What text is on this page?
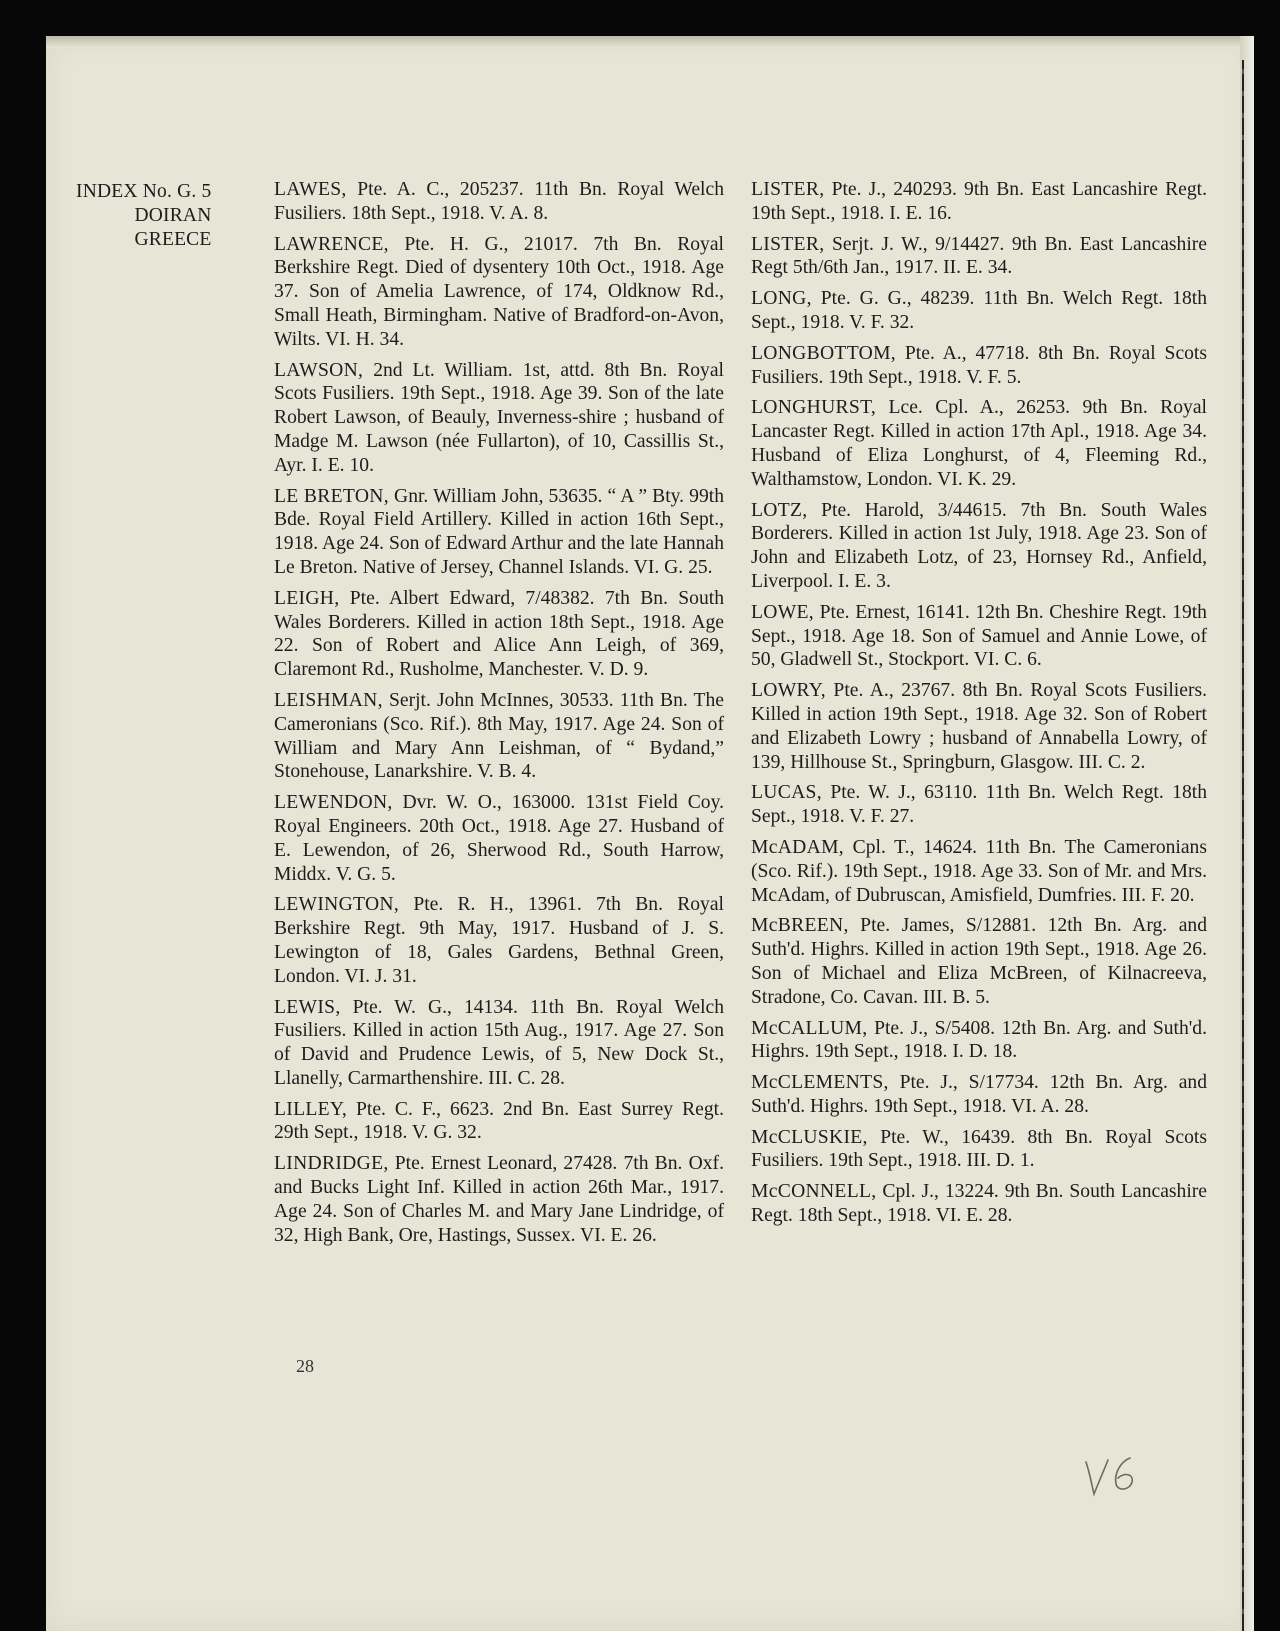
INDEX No. G. 5
DOIRAN
GREECE

LAWES, Pte. A. C., 205237. 11th Bn. Royal Welch Fusiliers. 18th Sept., 1918. V. A. 8.

LAWRENCE, Pte. H. G., 21017. 7th Bn. Royal Berkshire Regt. Died of dysentery 10th Oct., 1918. Age 37. Son of Amelia Lawrence, of 174, Oldknow Rd., Small Heath, Birmingham. Native of Bradford-on-Avon, Wilts. VI. H. 34.

LAWSON, 2nd Lt. William. 1st, attd. 8th Bn. Royal Scots Fusiliers. 19th Sept., 1918. Age 39. Son of the late Robert Lawson, of Beauly, Inverness-shire ; husband of Madge M. Lawson (née Fullarton), of 10, Cassillis St., Ayr. I. E. 10.

LE BRETON, Gnr. William John, 53635. “ A ” Bty. 99th Bde. Royal Field Artillery. Killed in action 16th Sept., 1918. Age 24. Son of Edward Arthur and the late Hannah Le Breton. Native of Jersey, Channel Islands. VI. G. 25.

LEIGH, Pte. Albert Edward, 7/48382. 7th Bn. South Wales Borderers. Killed in action 18th Sept., 1918. Age 22. Son of Robert and Alice Ann Leigh, of 369, Claremont Rd., Rusholme, Manchester. V. D. 9.

LEISHMAN, Serjt. John McInnes, 30533. 11th Bn. The Cameronians (Sco. Rif.). 8th May, 1917. Age 24. Son of William and Mary Ann Leishman, of “ Bydand,” Stonehouse, Lanarkshire. V. B. 4.

LEWENDON, Dvr. W. O., 163000. 131st Field Coy. Royal Engineers. 20th Oct., 1918. Age 27. Husband of E. Lewendon, of 26, Sherwood Rd., South Harrow, Middx. V. G. 5.

LEWINGTON, Pte. R. H., 13961. 7th Bn. Royal Berkshire Regt. 9th May, 1917. Husband of J. S. Lewington of 18, Gales Gardens, Bethnal Green, London. VI. J. 31.

LEWIS, Pte. W. G., 14134. 11th Bn. Royal Welch Fusiliers. Killed in action 15th Aug., 1917. Age 27. Son of David and Prudence Lewis, of 5, New Dock St., Llanelly, Carmarthenshire. III. C. 28.

LILLEY, Pte. C. F., 6623. 2nd Bn. East Surrey Regt. 29th Sept., 1918. V. G. 32.

LINDRIDGE, Pte. Ernest Leonard, 27428. 7th Bn. Oxf. and Bucks Light Inf. Killed in action 26th Mar., 1917. Age 24. Son of Charles M. and Mary Jane Lindridge, of 32, High Bank, Ore, Hastings, Sussex. VI. E. 26.

LISTER, Pte. J., 240293. 9th Bn. East Lancashire Regt. 19th Sept., 1918. I. E. 16.

LISTER, Serjt. J. W., 9/14427. 9th Bn. East Lancashire Regt 5th/6th Jan., 1917. II. E. 34.

LONG, Pte. G. G., 48239. 11th Bn. Welch Regt. 18th Sept., 1918. V. F. 32.

LONGBOTTOM, Pte. A., 47718. 8th Bn. Royal Scots Fusiliers. 19th Sept., 1918. V. F. 5.

LONGHURST, Lce. Cpl. A., 26253. 9th Bn. Royal Lancaster Regt. Killed in action 17th Apl., 1918. Age 34. Husband of Eliza Longhurst, of 4, Fleeming Rd., Walthamstow, London. VI. K. 29.

LOTZ, Pte. Harold, 3/44615. 7th Bn. South Wales Borderers. Killed in action 1st July, 1918. Age 23. Son of John and Elizabeth Lotz, of 23, Hornsey Rd., Anfield, Liverpool. I. E. 3.

LOWE, Pte. Ernest, 16141. 12th Bn. Cheshire Regt. 19th Sept., 1918. Age 18. Son of Samuel and Annie Lowe, of 50, Gladwell St., Stockport. VI. C. 6.

LOWRY, Pte. A., 23767. 8th Bn. Royal Scots Fusiliers. Killed in action 19th Sept., 1918. Age 32. Son of Robert and Elizabeth Lowry ; husband of Annabella Lowry, of 139, Hillhouse St., Springburn, Glasgow. III. C. 2.

LUCAS, Pte. W. J., 63110. 11th Bn. Welch Regt. 18th Sept., 1918. V. F. 27.

McADAM, Cpl. T., 14624. 11th Bn. The Cameronians (Sco. Rif.). 19th Sept., 1918. Age 33. Son of Mr. and Mrs. McAdam, of Dubruscan, Amisfield, Dumfries. III. F. 20.

McBREEN, Pte. James, S/12881. 12th Bn. Arg. and Suth'd. Highrs. Killed in action 19th Sept., 1918. Age 26. Son of Michael and Eliza McBreen, of Kilnacreeva, Stradone, Co. Cavan. III. B. 5.

McCALLUM, Pte. J., S/5408. 12th Bn. Arg. and Suth'd. Highrs. 19th Sept., 1918. I. D. 18.

McCLEMENTS, Pte. J., S/17734. 12th Bn. Arg. and Suth'd. Highrs. 19th Sept., 1918. VI. A. 28.

McCLUSKIE, Pte. W., 16439. 8th Bn. Royal Scots Fusiliers. 19th Sept., 1918. III. D. 1.

McCONNELL, Cpl. J., 13224. 9th Bn. South Lancashire Regt. 18th Sept., 1918. VI. E. 28.

28
